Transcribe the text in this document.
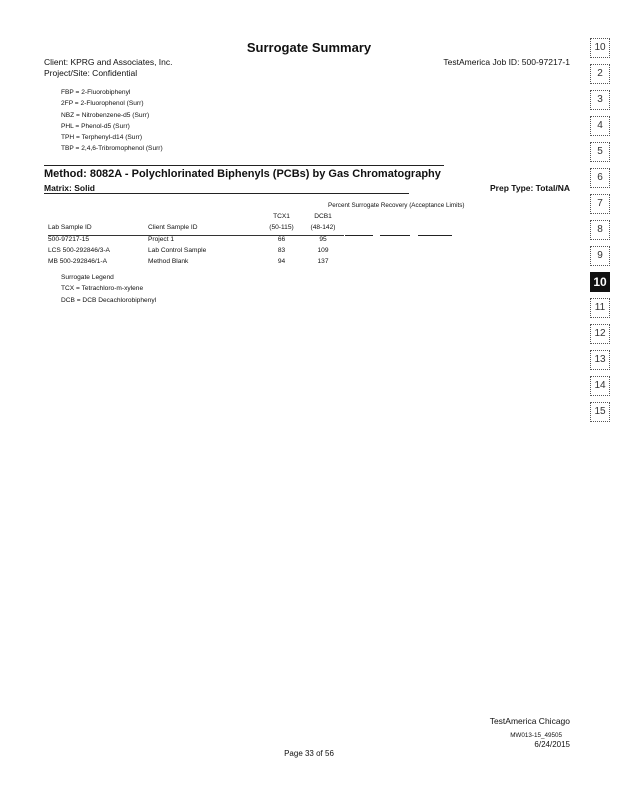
Surrogate Summary
Client: KPRG and Associates, Inc.
Project/Site: Confidential
TestAmerica Job ID: 500-97217-1
FBP = 2-Fluorobiphenyl
2FP = 2-Fluorophenol (Surr)
NBZ = Nitrobenzene-d5 (Surr)
PHL = Phenol-d5 (Surr)
TPH = Terphenyl-d14 (Surr)
TBP = 2,4,6-Tribromophenol (Surr)
Method: 8082A - Polychlorinated Biphenyls (PCBs) by Gas Chromatography
Matrix: Solid	Prep Type: Total/NA
Percent Surrogate Recovery (Acceptance Limits)
		TCX1	DCB1
Lab Sample ID	Client Sample ID	(50-115)	(48-142)
500-97217-15	Project 1	66	95
LCS 500-292846/3-A	Lab Control Sample	83	109
MB 500-292846/1-A	Method Blank	94	137
Surrogate Legend
TCX = Tetrachloro-m-xylene
DCB = DCB Decachlorobiphenyl
10
2
3
4
5
6
7
8
9
10
11
12
13
14
15
TestAmerica Chicago
Page 33 of 56
MW013-15_49505
6/24/2015
